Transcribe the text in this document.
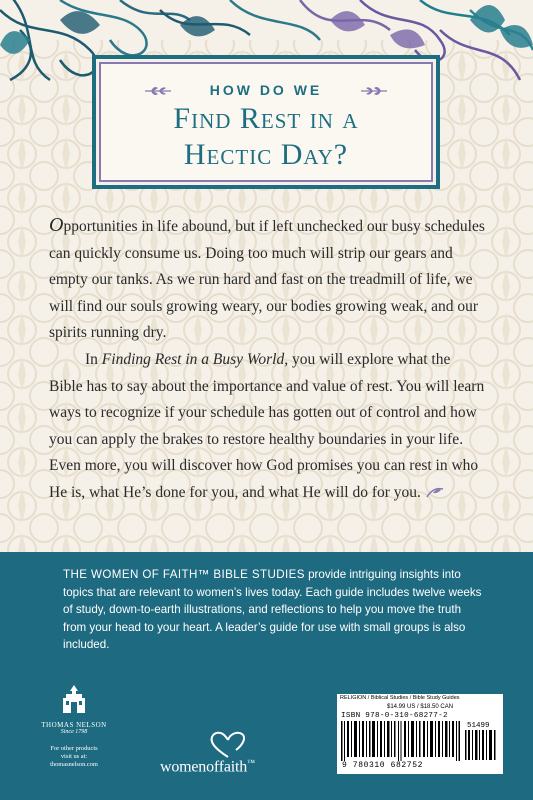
HOW DO WE
Find Rest in a
Hectic Day?

Opportunities in life abound, but if left unchecked our busy schedules can quickly consume us. Doing too much will strip our gears and empty our tanks. As we run hard and fast on the treadmill of life, we will find our souls growing weary, our bodies growing weak, and our spirits running dry.

In Finding Rest in a Busy World, you will explore what the Bible has to say about the importance and value of rest. You will learn ways to recognize if your schedule has gotten out of control and how you can apply the brakes to restore healthy boundaries in your life. Even more, you will discover how God promises you can rest in who He is, what He’s done for you, and what He will do for you.

THE WOMEN OF FAITH™ BIBLE STUDIES provide intriguing insights into topics that are relevant to women’s lives today. Each guide includes twelve weeks of study, down-to-earth illustrations, and reflections to help you move the truth from your head to your heart. A leader’s guide for use with small groups is also included.
THOMAS NELSON
Since 1798
For other products
visit us at: thomasnelson.com	womenoffaith™
RELIGION / Biblical Studies / Bible Study Guides
$14.99 US / $18.50 CAN
ISBN 978-0-310-68277-2
51499
9 780310 682752
